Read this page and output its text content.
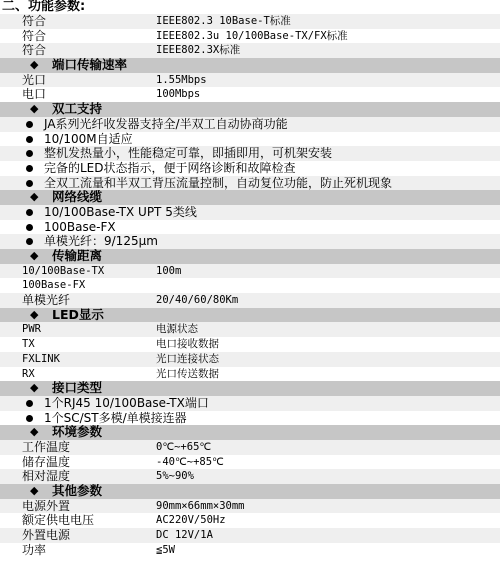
二、功能参数:
符合	IEEE802.3 10Base-T标准
符合	IEEE802.3u 10/100Base-TX/FX标准
符合	IEEE802.3X标准
◆ 端口传输速率
光口	1.55Mbps
电口	100Mbps
◆ 双工支持
JA系列光纤收发器支持全/半双工自动协商功能
10/100M自适应
整机发热量小，性能稳定可靠，即插即用，可机架安装
完备的LED状态指示，便于网络诊断和故障检查
全双工流量和半双工背压流量控制，自动复位功能，防止死机现象
◆ 网络线缆
10/100Base-TX UPT 5类线
100Base-FX
单模光纤：9/125μm
◆ 传输距离
10/100Base-TX	100m
100Base-FX
单模光纤	20/40/60/80Km
◆ LED显示
PWR	电源状态
TX	电口接收数据
FXLINK	光口连接状态
RX	光口传送数据
◆ 接口类型
1个RJ45 10/100Base-TX端口
1个SC/ST多模/单模接连器
◆ 环境参数
工作温度	0℃~+65℃
储存温度	-40℃~+85℃
相对湿度	5%~90%
◆ 其他参数
电源外置	90mm×66mm×30mm
额定供电电压	AC220V/50Hz
外置电源	DC 12V/1A
功率	≦5W
